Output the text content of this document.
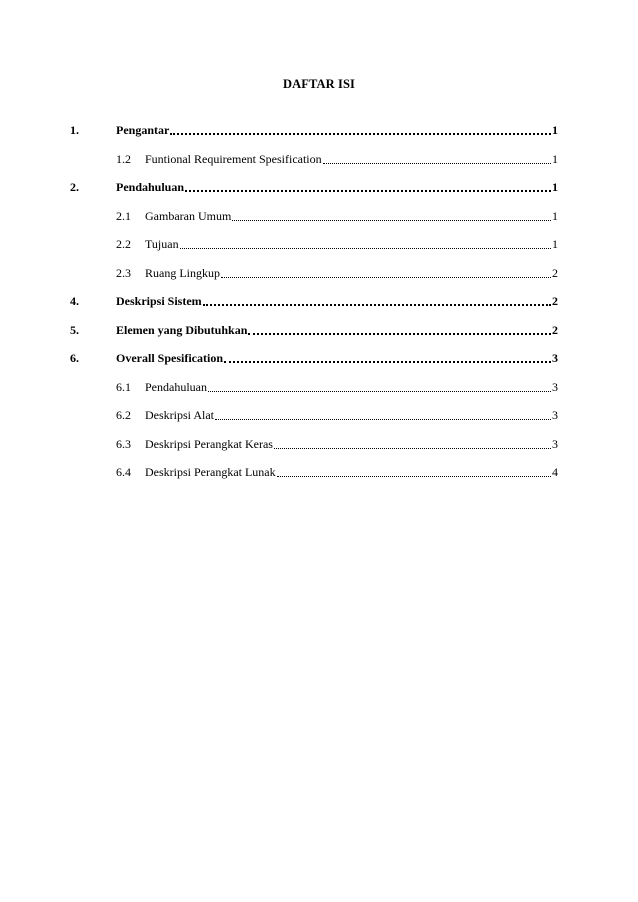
DAFTAR ISI
1.	Pengantar	1
1.2 Funtional Requirement Spesification	1
2.	Pendahuluan	1
2.1 Gambaran Umum	1
2.2 Tujuan	1
2.3 Ruang Lingkup	2
4.	Deskripsi Sistem	2
5.	Elemen yang Dibutuhkan	2
6.	Overall Spesification	3
6.1 Pendahuluan	3
6.2 Deskripsi Alat	3
6.3 Deskripsi Perangkat Keras	3
6.4 Deskripsi Perangkat Lunak	4
